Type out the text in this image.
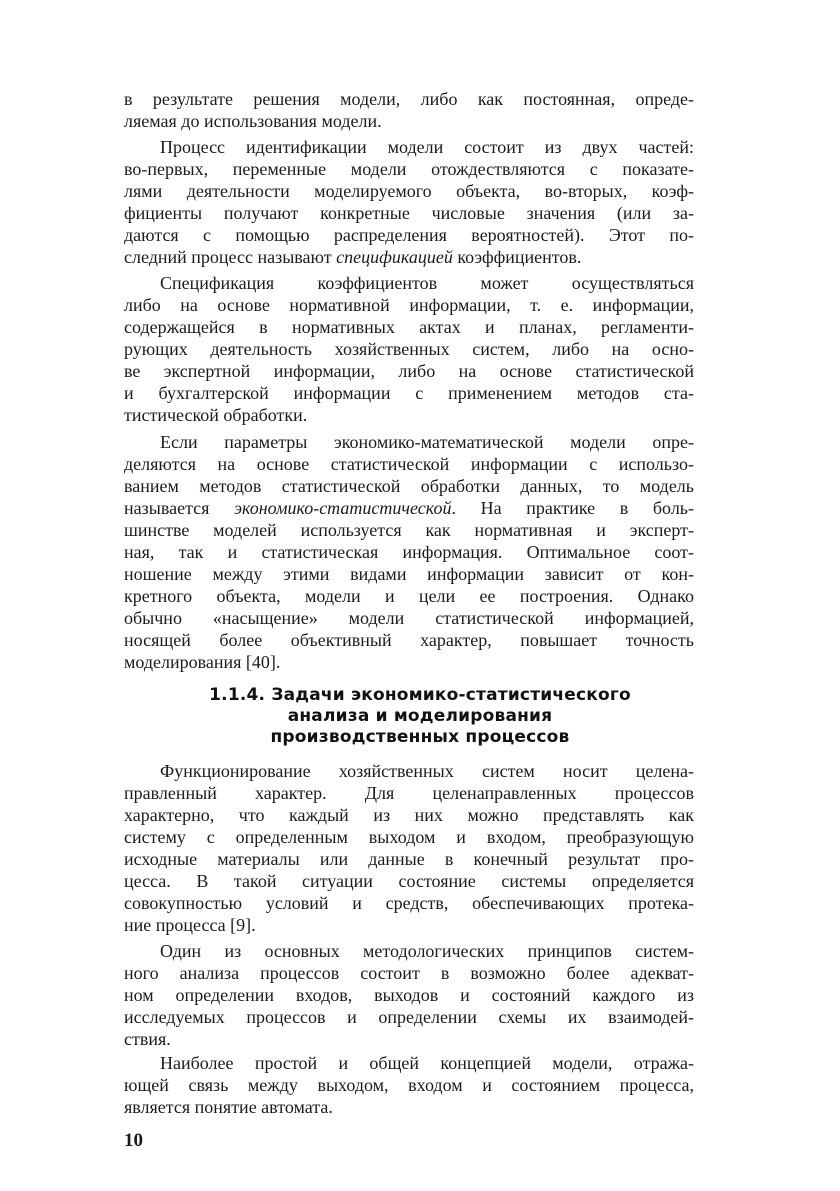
в результате решения модели, либо как постоянная, опреде-
ляемая до использования модели.
Процесс идентификации модели состоит из двух частей:
во-первых, переменные модели отождествляются с показате-
лями деятельности моделируемого объекта, во-вторых, коэф-
фициенты получают конкретные числовые значения (или за-
даются с помощью распределения вероятностей). Этот по-
следний процесс называют спецификацией коэффициентов.
Спецификация коэффициентов может осуществляться
либо на основе нормативной информации, т. е. информации,
содержащейся в нормативных актах и планах, регламенти-
рующих деятельность хозяйственных систем, либо на осно-
ве экспертной информации, либо на основе статистической
и бухгалтерской информации с применением методов ста-
тистической обработки.
Если параметры экономико-математической модели опре-
деляются на основе статистической информации с использо-
ванием методов статистической обработки данных, то модель
называется экономико-статистической. На практике в боль-
шинстве моделей используется как нормативная и эксперт-
ная, так и статистическая информация. Оптимальное соот-
ношение между этими видами информации зависит от кон-
кретного объекта, модели и цели ее построения. Однако
обычно «насыщение» модели статистической информацией,
носящей более объективный характер, повышает точность
моделирования [40].
1.1.4. Задачи экономико-статистического
анализа и моделирования
производственных процессов
Функционирование хозяйственных систем носит целена-
правленный характер. Для целенаправленных процессов
характерно, что каждый из них можно представлять как
систему с определенным выходом и входом, преобразующую
исходные материалы или данные в конечный результат про-
цесса. В такой ситуации состояние системы определяется
совокупностью условий и средств, обеспечивающих протека-
ние процесса [9].
Один из основных методологических принципов систем-
ного анализа процессов состоит в возможно более адекват-
ном определении входов, выходов и состояний каждого из
исследуемых процессов и определении схемы их взаимодей-
ствия.
Наиболее простой и общей концепцией модели, отража-
ющей связь между выходом, входом и состоянием процесса,
является понятие автомата.
10
